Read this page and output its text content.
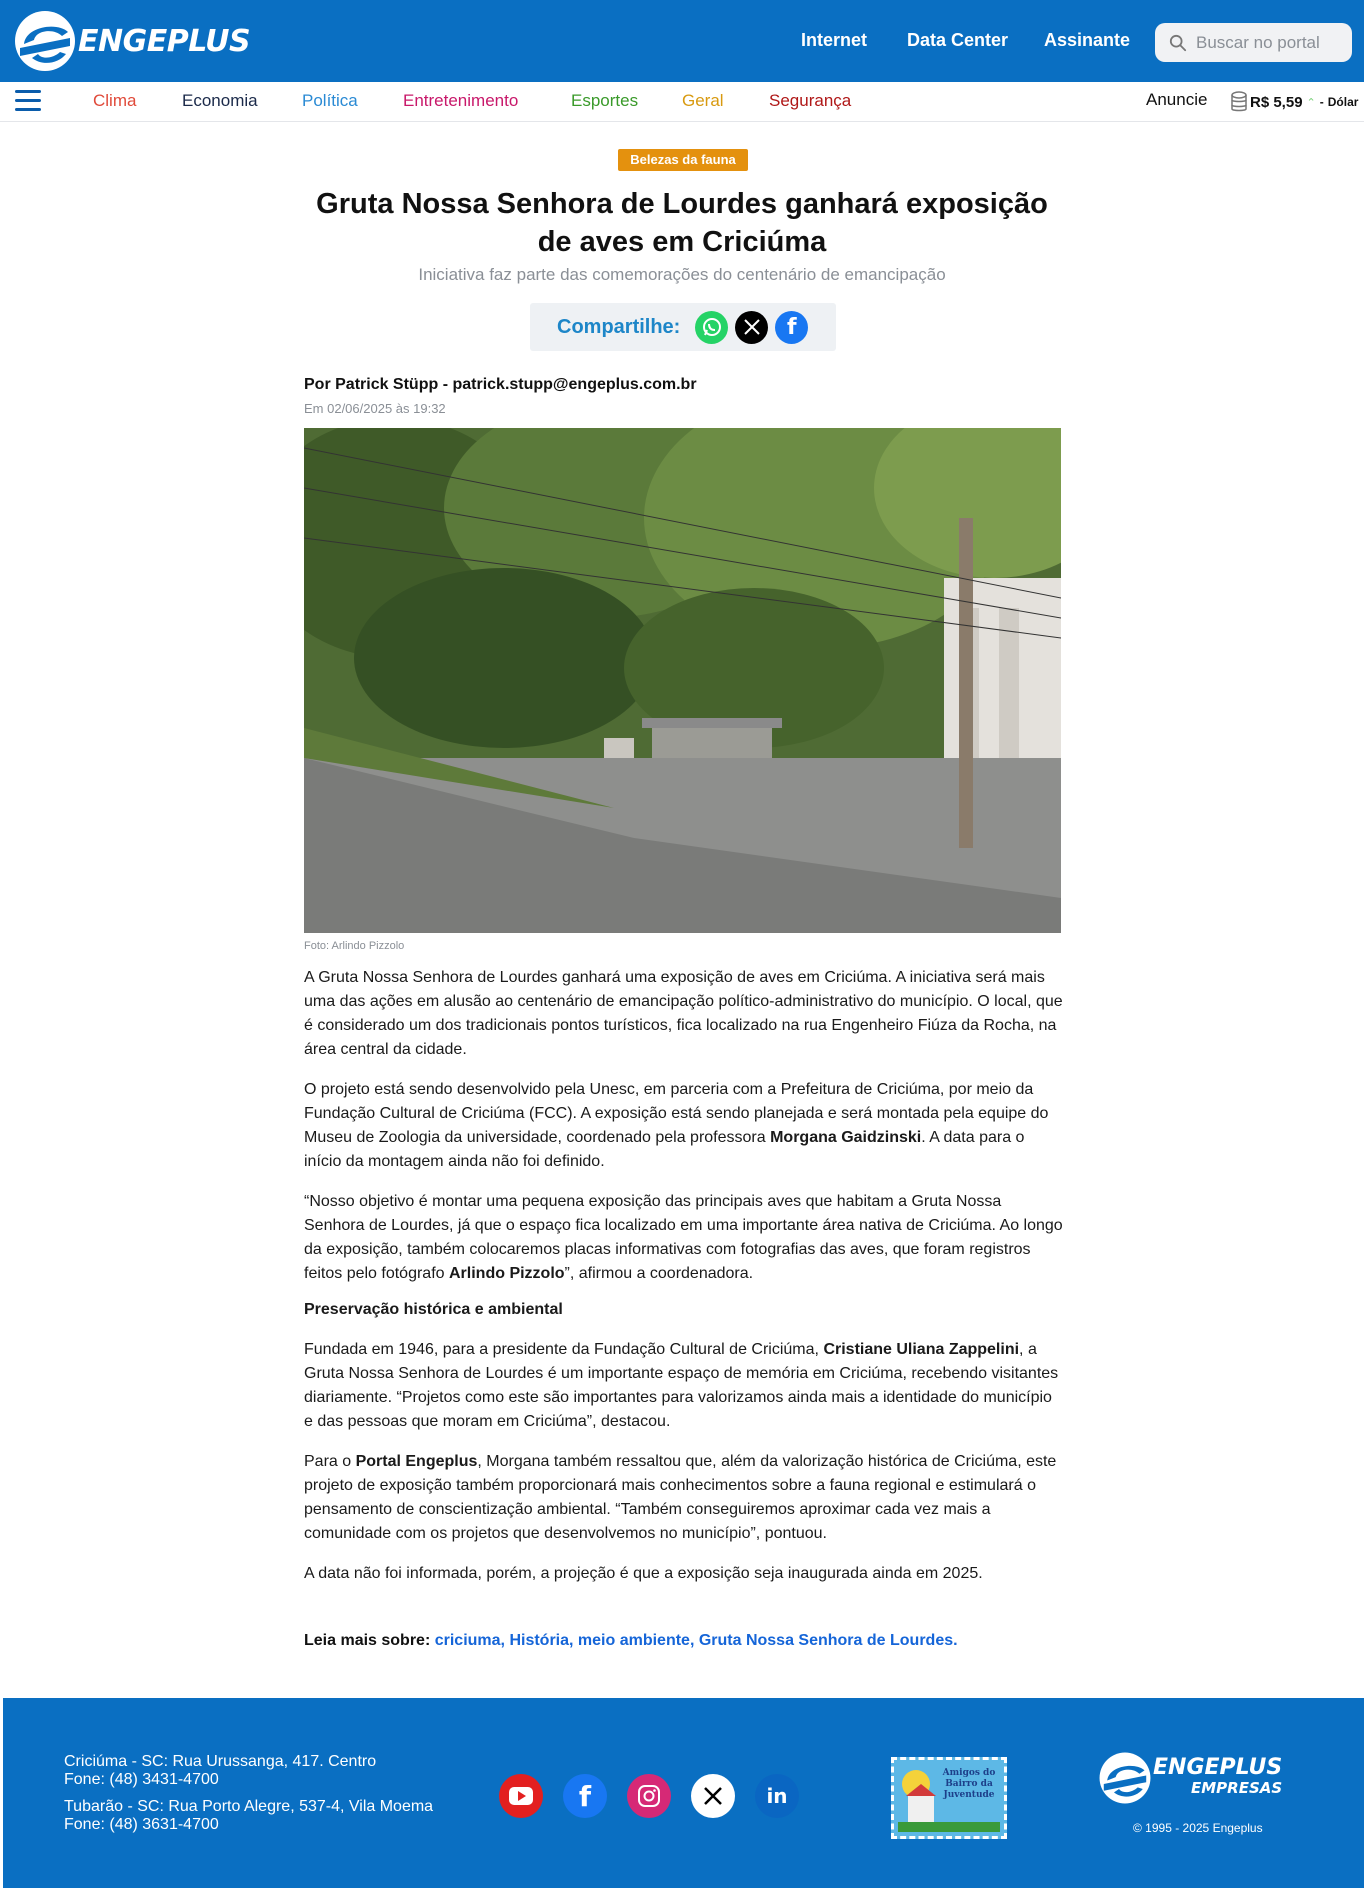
ENGEPLUS	Internet Data Center Assinante
Buscar no portal
Clima	Economia	Política	Entretenimento	Esportes	Geral	Segurança	Anuncie	R$ 5,59 ⌃ - Dólar
Belezas da fauna
Gruta Nossa Senhora de Lourdes ganhará exposição de aves em Criciúma
Iniciativa faz parte das comemorações do centenário de emancipação
Compartilhe:	f
Por Patrick Stüpp - patrick.stupp@engeplus.com.br
Em 02/06/2025 às 19:32
Foto: Arlindo Pizzolo

A Gruta Nossa Senhora de Lourdes ganhará uma exposição de aves em Criciúma. A iniciativa será mais uma das ações em alusão ao centenário de emancipação político-administrativo do município. O local, que é considerado um dos tradicionais pontos turísticos, fica localizado na rua Engenheiro Fiúza da Rocha, na área central da cidade.

O projeto está sendo desenvolvido pela Unesc, em parceria com a Prefeitura de Criciúma, por meio da Fundação Cultural de Criciúma (FCC). A exposição está sendo planejada e será montada pela equipe do Museu de Zoologia da universidade, coordenado pela professora Morgana Gaidzinski. A data para o início da montagem ainda não foi definido.

“Nosso objetivo é montar uma pequena exposição das principais aves que habitam a Gruta Nossa Senhora de Lourdes, já que o espaço fica localizado em uma importante área nativa de Criciúma. Ao longo da exposição, também colocaremos placas informativas com fotografias das aves, que foram registros feitos pelo fotógrafo Arlindo Pizzolo”, afirmou a coordenadora.

Preservação histórica e ambiental

Fundada em 1946, para a presidente da Fundação Cultural de Criciúma, Cristiane Uliana Zappelini, a Gruta Nossa Senhora de Lourdes é um importante espaço de memória em Criciúma, recebendo visitantes diariamente. “Projetos como este são importantes para valorizamos ainda mais a identidade do município e das pessoas que moram em Criciúma”, destacou.

Para o Portal Engeplus, Morgana também ressaltou que, além da valorização histórica de Criciúma, este projeto de exposição também proporcionará mais conhecimentos sobre a fauna regional e estimulará o pensamento de conscientização ambiental. “Também conseguiremos aproximar cada vez mais a comunidade com os projetos que desenvolvemos no município”, pontuou.

A data não foi informada, porém, a projeção é que a exposição seja inaugurada ainda em 2025.

Leia mais sobre: criciuma, História, meio ambiente, Gruta Nossa Senhora de Lourdes.
Criciúma - SC: Rua Urussanga, 417. Centro
Fone: (48) 3431-4700
Tubarão - SC: Rua Porto Alegre, 537-4, Vila Moema
Fone: (48) 3631-4700
f	in
Amigos do Bairro da Juventude
ENGEPLUS
EMPRESAS
© 1995 - 2025 Engeplus
